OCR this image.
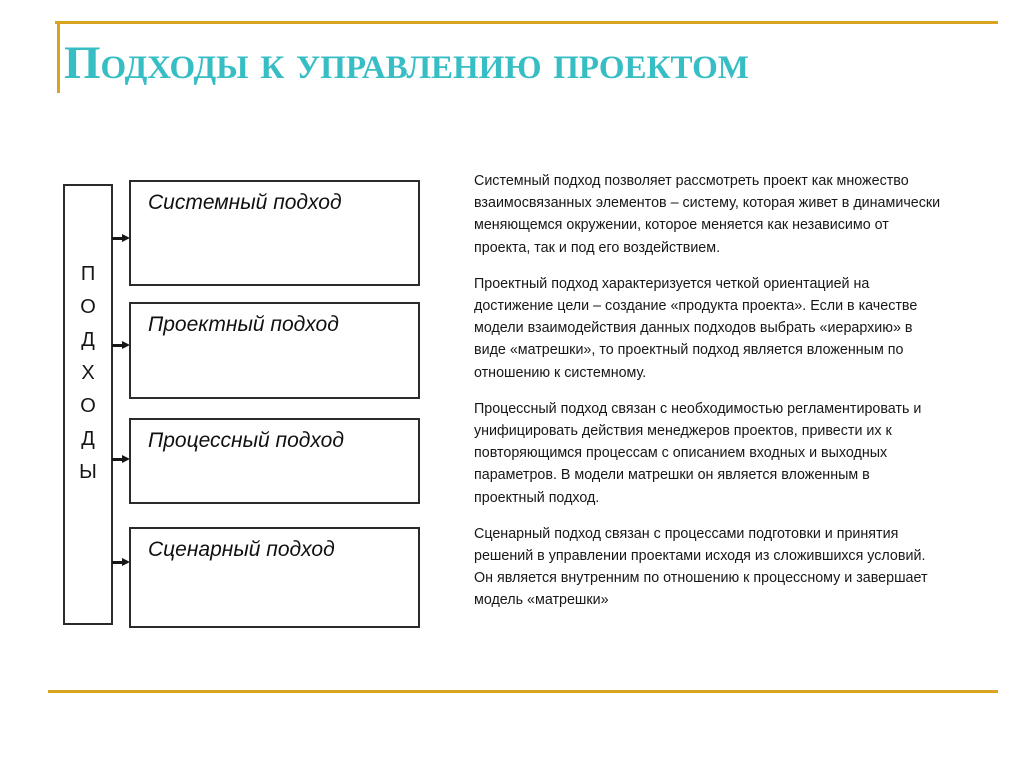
Подходы к управлению проектом
П
О
Д
Х
О
Д
Ы
Системный подход
Проектный подход
Процессный подход
Сценарный подход

Системный подход позволяет рассмотреть проект как множество взаимосвязанных элементов – систему, которая живет в динамически меняющемся окружении, которое меняется как независимо от проекта, так и под его воздействием.

Проектный подход характеризуется четкой ориентацией на достижение цели – создание «продукта проекта». Если в качестве модели взаимодействия данных подходов выбрать «иерархию» в виде «матрешки», то проектный подход является вложенным по отношению к системному.

Процессный подход связан с необходимостью регламентировать и унифицировать действия менеджеров проектов, привести их к повторяющимся процессам с описанием входных и выходных параметров. В модели матрешки он является вложенным в проектный подход.

Сценарный подход связан с процессами подготовки и принятия решений в управлении проектами исходя из сложившихся условий. Он является внутренним по отношению к процессному и завершает модель «матрешки»
